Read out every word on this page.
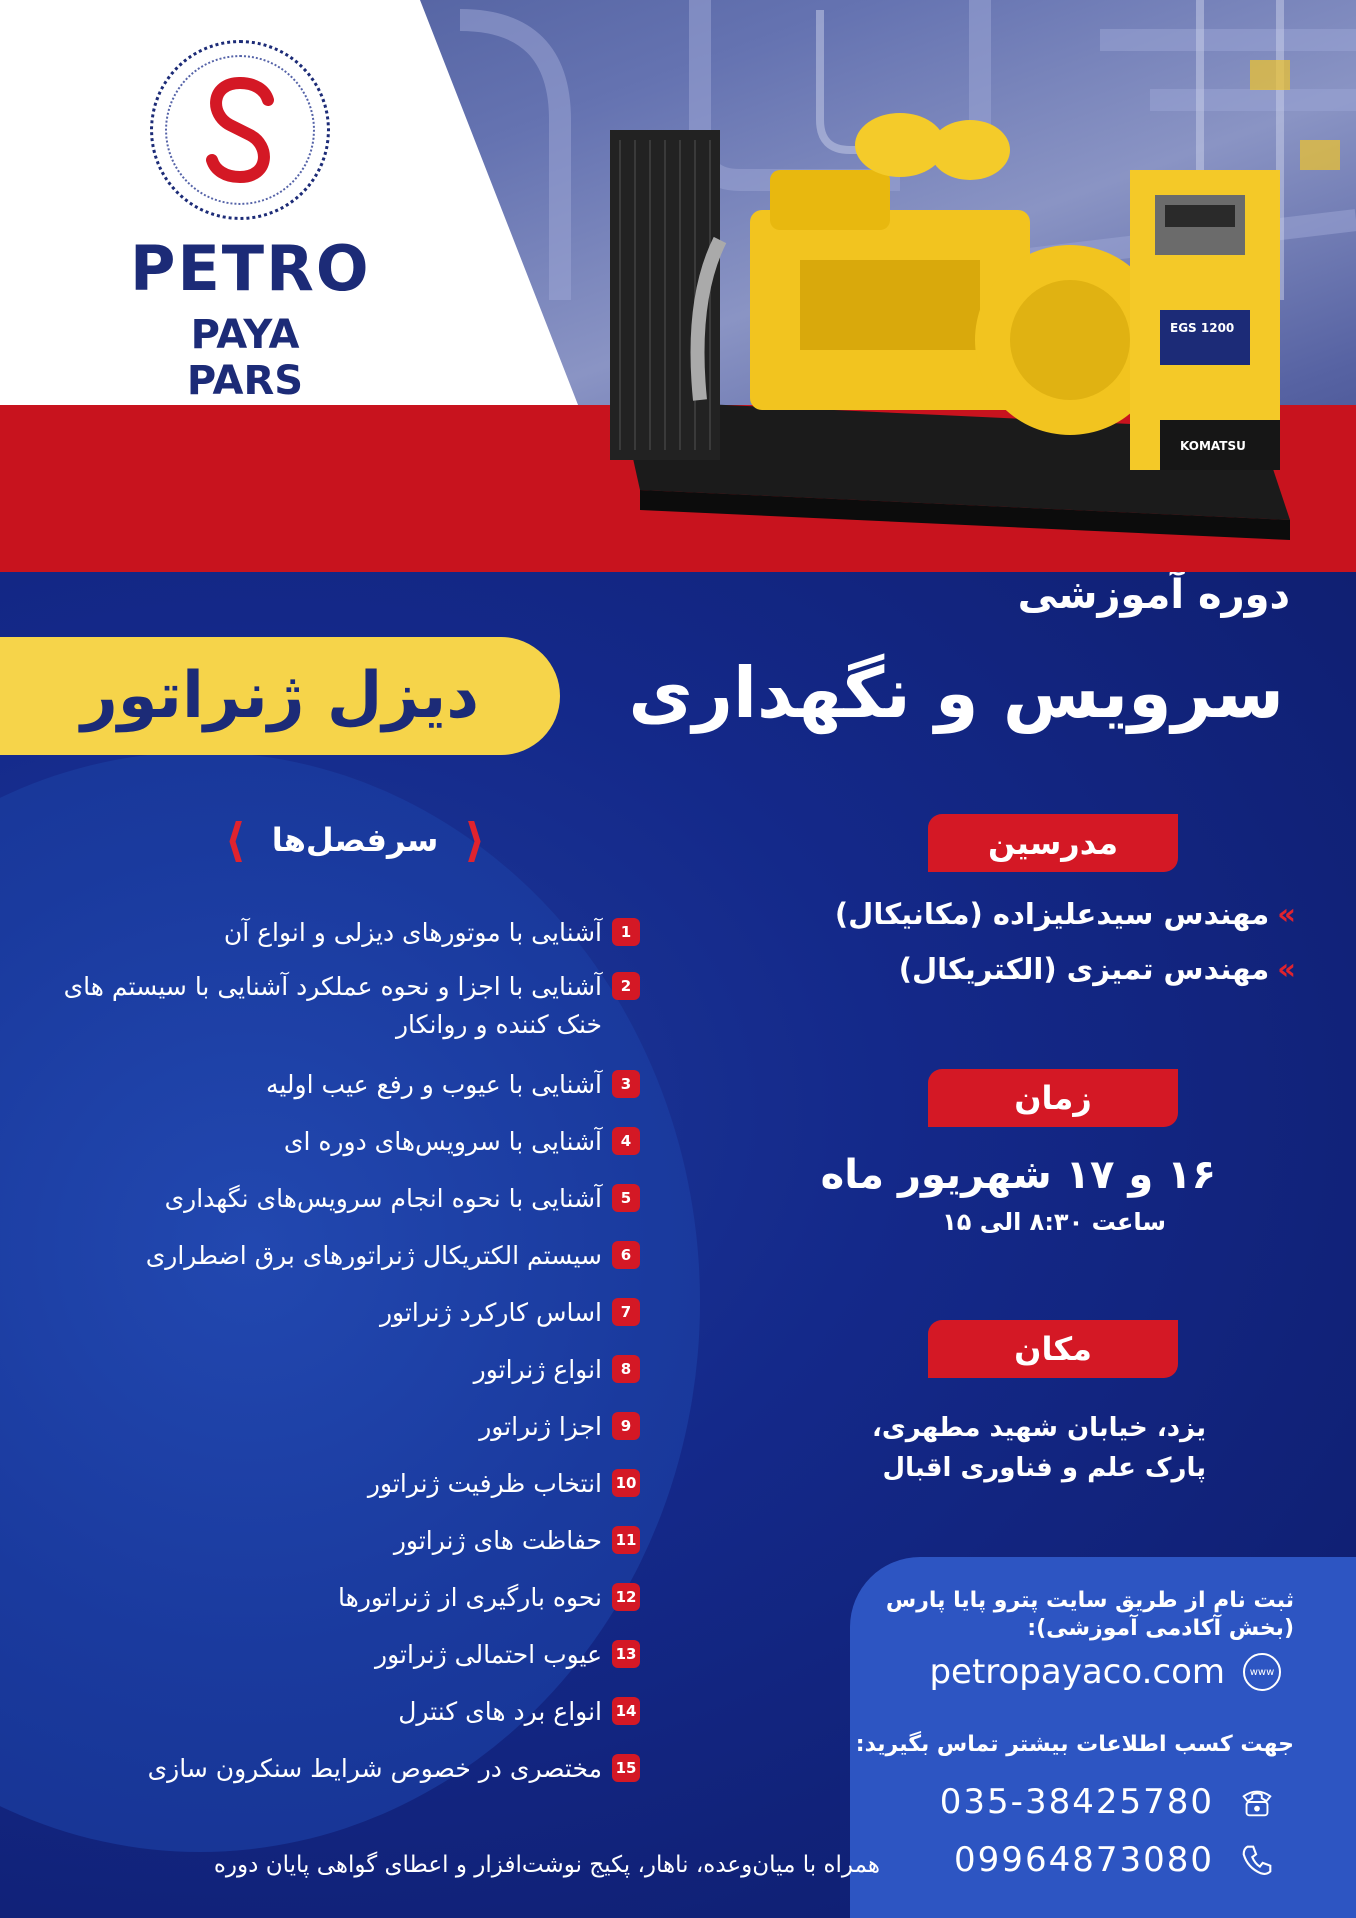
PETRO
PAYA PARS
EGS 1200
KOMATSU
دوره آموزشی
دیزل ژنراتور سرویس و نگهداری
⟨ سرفصل‌ها ⟩
1
آشنایی با موتورهای دیزلی و انواع آن
2
آشنایی با اجزا و نحوه عملکرد آشنایی با سیستم های خنک کننده و روانکار
3
آشنایی با عیوب و رفع عیب اولیه
4
آشنایی با سرویس‌های دوره ای
5
آشنایی با نحوه انجام سرویس‌های نگهداری
6
سیستم الکتریکال ژنراتورهای برق اضطراری
7
اساس کارکرد ژنراتور
8
انواع ژنراتور
9
اجزا ژنراتور
10
انتخاب ظرفیت ژنراتور
11
حفاظت های ژنراتور
12
نحوه بارگیری از ژنراتورها
13
عیوب احتمالی ژنراتور
14
انواع برد های کنترل
15
مختصری در خصوص شرایط سنکرون سازی
مدرسین
»مهندس سیدعلیزاده (مکانیکال)
»مهندس تمیزی (الکتریکال)
زمان
۱۶ و ۱۷ شهریور ماه
ساعت ۸:۳۰ الی ۱۵
مکان
یزد، خیابان شهید مطهری،
پارک علم و فناوری اقبال
ثبت نام از طریق سایت پترو پایا پارس (بخش آکادمی آموزشی):
petropayaco.com	www
جهت کسب اطلاعات بیشتر تماس بگیرید:
035-38425780
09964873080
همراه با میان‌وعده، ناهار، پکیج نوشت‌افزار و اعطای گواهی پایان دوره
